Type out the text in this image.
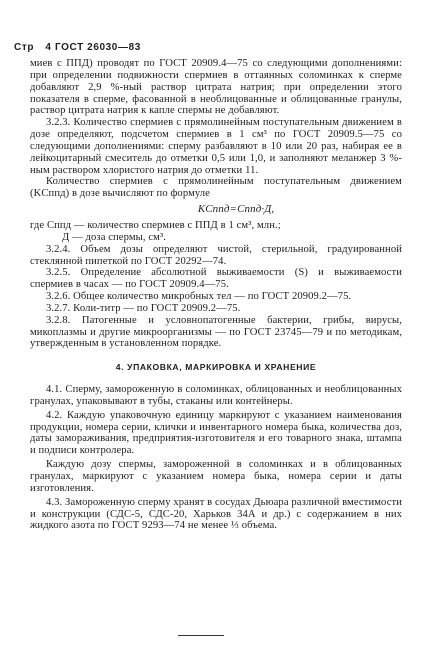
Стр 4 ГОСТ 26030—83

миев с ППД) проводят по ГОСТ 20909.4—75 со следующими дополнениями: при определении подвижности спермиев в оттаянных соломинках к сперме добавляют 2,9 %-ный раствор цитрата натрия; при определении этого показателя в сперме, фасованной в необлицованные и облицованные гранулы, раствор цитрата натрия к капле спермы не добавляют.

3.2.3. Количество спермиев с прямолинейным поступательным движением в дозе определяют, подсчетом спермиев в 1 см³ по ГОСТ 20909.5—75 со следующими дополнениями: сперму разбавляют в 10 или 20 раз, набирая ее в лейкоцитарный смеситель до отметки 0,5 или 1,0, и заполняют меланжер 3 %-ным раствором хлористого натрия до отметки 11.

Количество спермиев с прямолинейным поступательным движением (KCппд) в дозе вычисляют по формуле

KCппд=Cппд·Д,

где Cппд — количество спермиев с ППД в 1 см³, млн.;

Д — доза спермы, см³.

3.2.4. Объем дозы определяют чистой, стерильной, градуированной стеклянной пипеткой по ГОСТ 20292—74.

3.2.5. Определение абсолютной выживаемости (S) и выживаемости спермиев в часах — по ГОСТ 20909.4—75.

3.2.6. Общее количество микробных тел — по ГОСТ 20909.2—75.

3.2.7. Коли-титр — по ГОСТ 20909.2—75.

3.2.8. Патогенные и условнопатогенные бактерии, грибы, вирусы, микоплазмы и другие микроорганизмы — по ГОСТ 23745—79 и по методикам, утвержденным в установленном порядке.

4. УПАКОВКА, МАРКИРОВКА И ХРАНЕНИЕ

4.1. Сперму, замороженную в соломинках, облицованных и необлицованных гранулах, упаковывают в тубы, стаканы или контейнеры.

4.2. Каждую упаковочную единицу маркируют с указанием наименования продукции, номера серии, клички и инвентарного номера быка, количества доз, даты замораживания, предприятия-изготовителя и его товарного знака, штампа и подписи контролера.

Каждую дозу спермы, замороженной в соломинках и в облицованных гранулах, маркируют с указанием номера быка, номера серии и даты изготовления.

4.3. Замороженную сперму хранят в сосудах Дьюара различной вместимости и конструкции (СДС-5, СДС-20, Харьков 34А и др.) с содержанием в них жидкого азота по ГОСТ 9293—74 не менее ⅓ объема.
